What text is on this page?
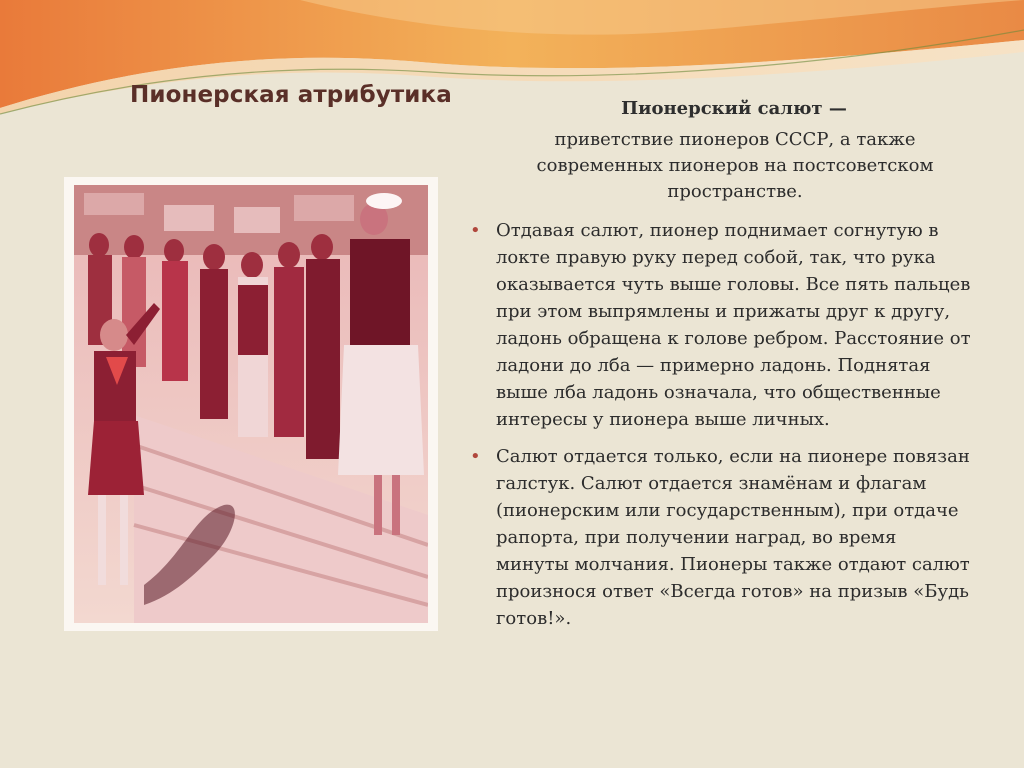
Пионерская атрибутика
Пионерский салют —
приветствие пионеров СССР, а также современных пионеров на постсоветском пространстве.
• Отдавая салют, пионер поднимает согнутую в локте правую руку перед собой, так, что рука оказывается чуть выше головы. Все пять пальцев при этом выпрямлены и прижаты друг к другу, ладонь обращена к голове ребром. Расстояние от ладони до лба — примерно ладонь. Поднятая выше лба ладонь означала, что общественные интересы у пионера выше личных.
• Салют отдается только, если на пионере повязан галстук. Салют отдается знамёнам и флагам (пионерским или государственным), при отдаче рапорта, при получении наград, во время минуты молчания. Пионеры также отдают салют произнося ответ «Всегда готов» на призыв «Будь готов!».
